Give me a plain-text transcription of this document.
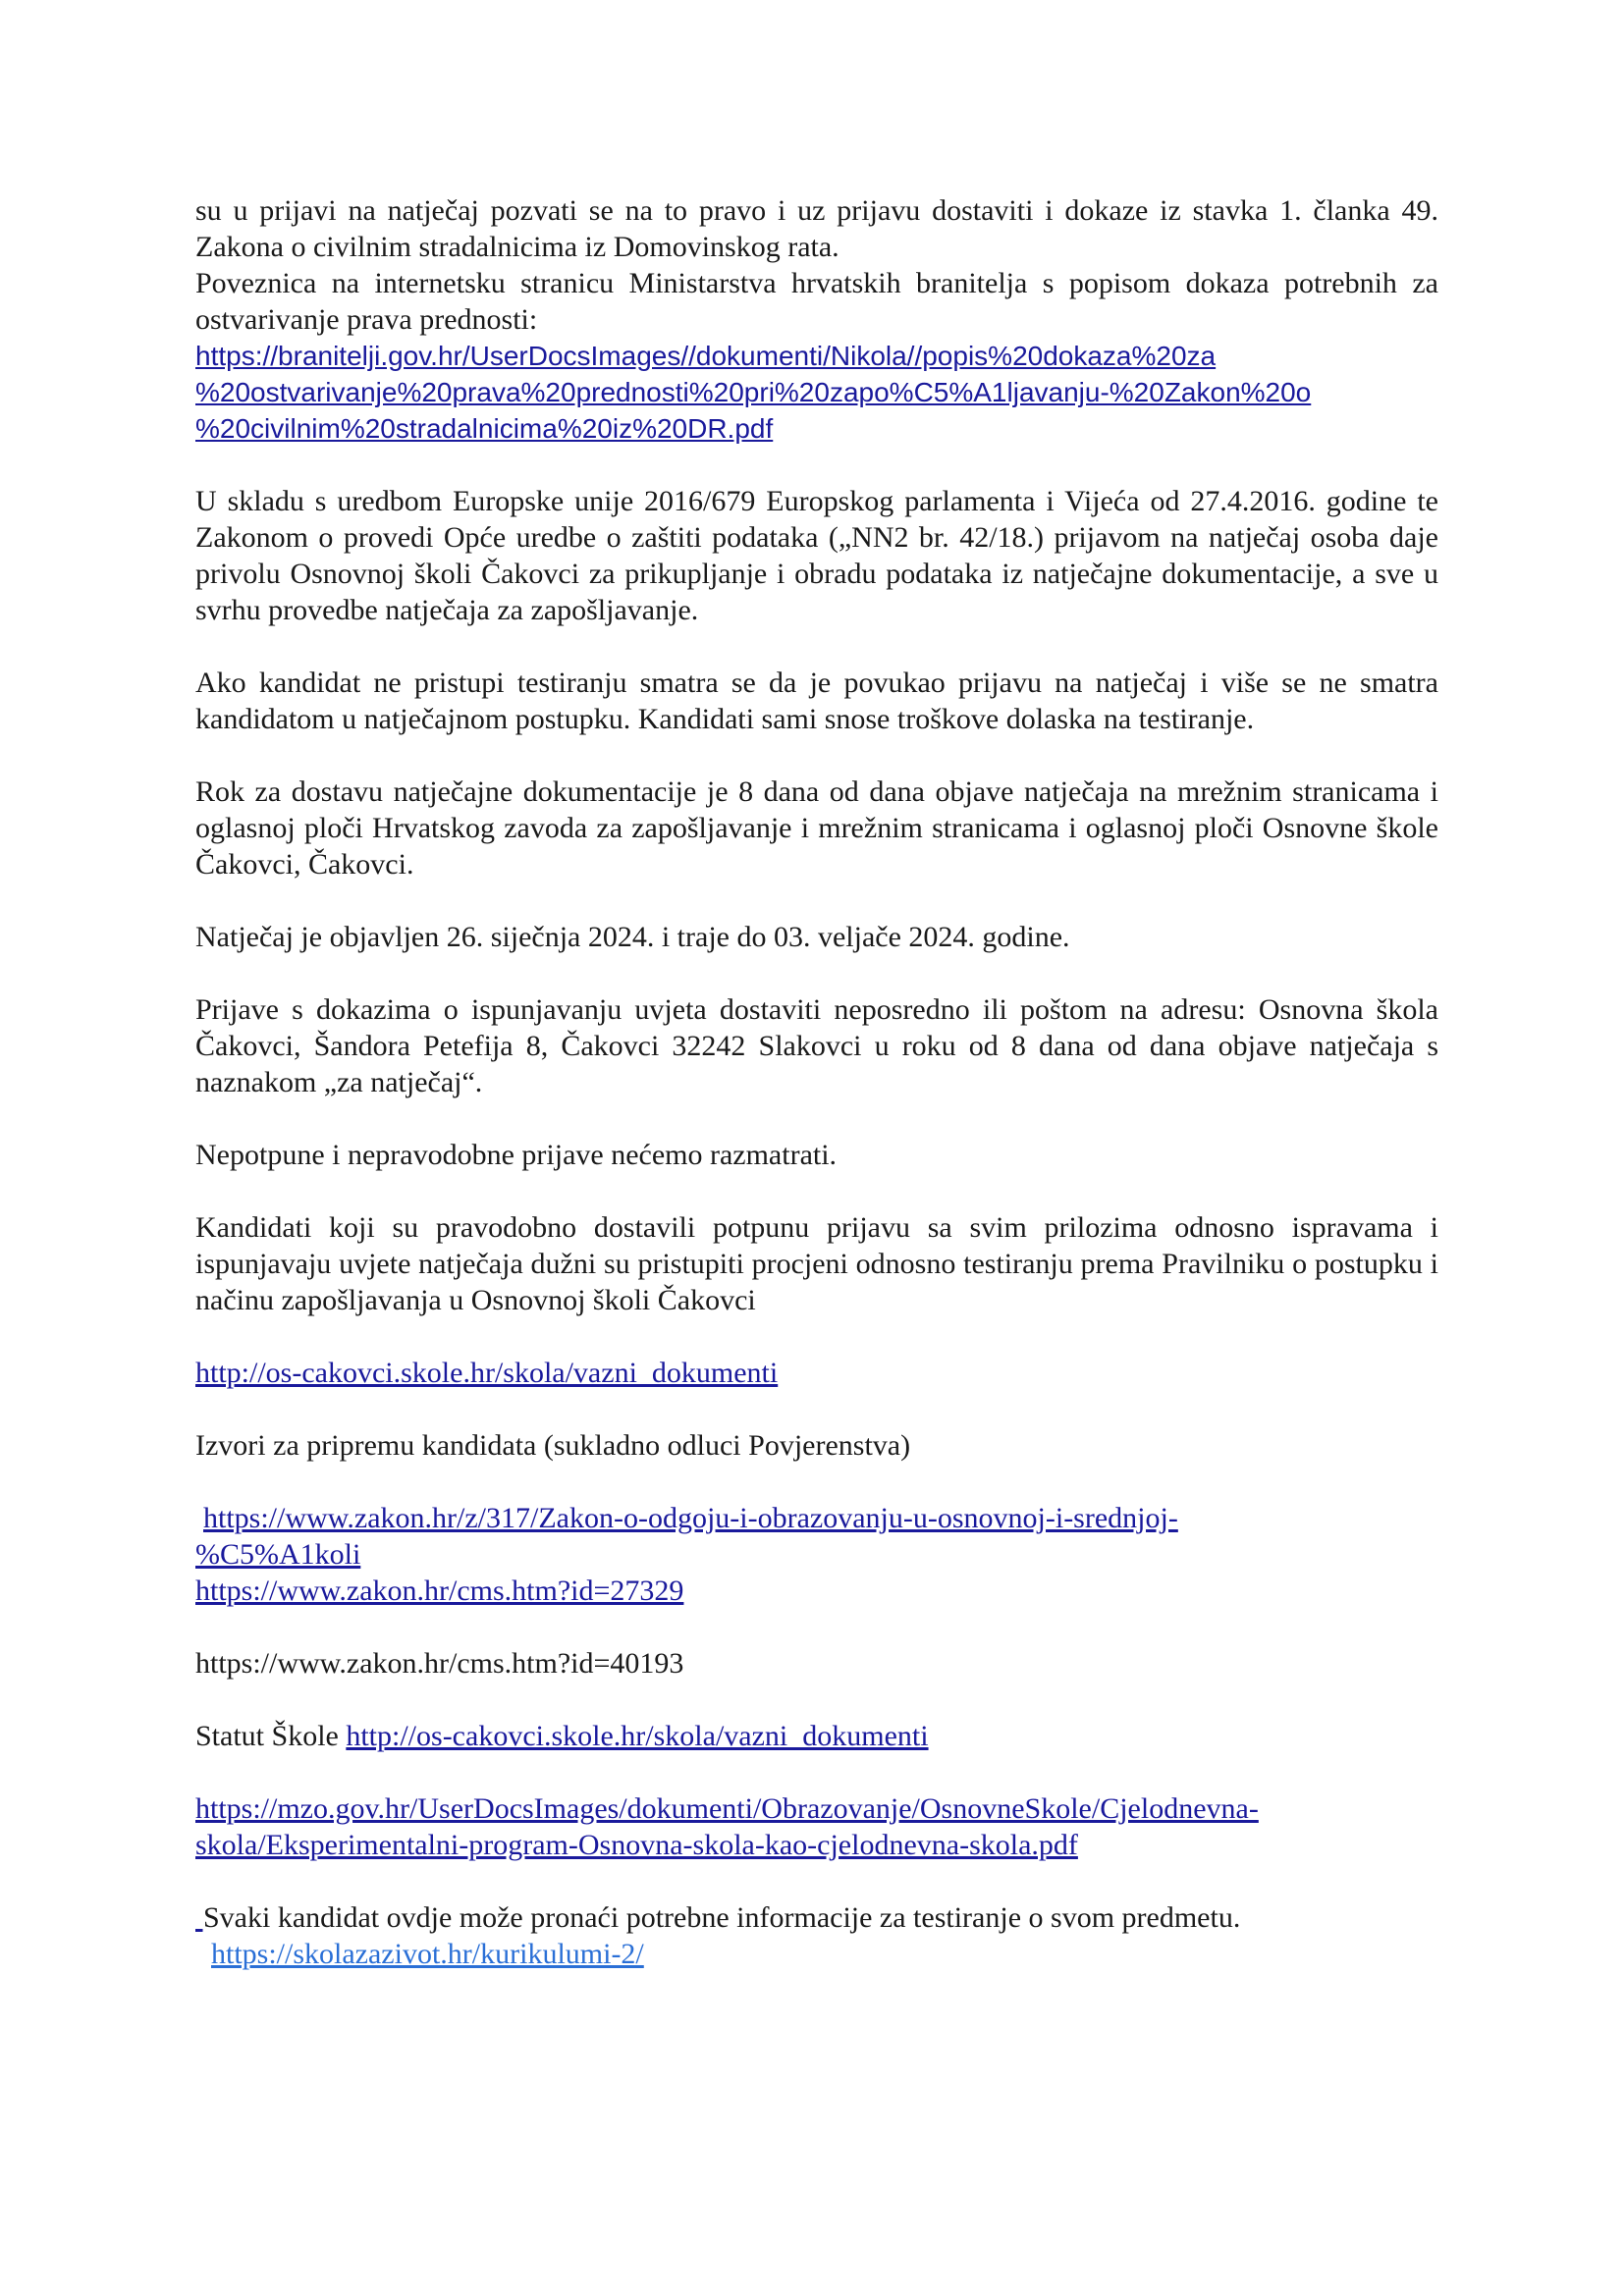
su u prijavi na natječaj pozvati se na to pravo i uz prijavu dostaviti i dokaze iz stavka 1. članka 49. Zakona o civilnim stradalnicima iz Domovinskog rata.

Poveznica na internetsku stranicu Ministarstva hrvatskih branitelja s popisom dokaza potrebnih za ostvarivanje prava prednosti:

https://branitelji.gov.hr/UserDocsImages//dokumenti/Nikola//popis%20dokaza%20za
%20ostvarivanje%20prava%20prednosti%20pri%20zapo%C5%A1ljavanju-%20Zakon%20o
%20civilnim%20stradalnicima%20iz%20DR.pdf

U skladu s uredbom Europske unije 2016/679 Europskog parlamenta i Vijeća od 27.4.2016. godine te Zakonom o provedi Opće uredbe o zaštiti podataka („NN2 br. 42/18.) prijavom na natječaj osoba daje privolu Osnovnoj školi Čakovci za prikupljanje i obradu podataka iz natječajne dokumentacije, a sve u svrhu provedbe natječaja za zapošljavanje.

Ako kandidat ne pristupi testiranju smatra se da je povukao prijavu na natječaj i više se ne smatra kandidatom u natječajnom postupku. Kandidati sami snose troškove dolaska na testiranje.

Rok za dostavu natječajne dokumentacije je 8 dana od dana objave natječaja na mrežnim stranicama i oglasnoj ploči Hrvatskog zavoda za zapošljavanje i mrežnim stranicama i oglasnoj ploči Osnovne škole Čakovci, Čakovci.

Natječaj je objavljen 26. siječnja 2024. i traje do 03. veljače 2024. godine.

Prijave s dokazima o ispunjavanju uvjeta dostaviti neposredno ili poštom na adresu: Osnovna škola Čakovci, Šandora Petefija 8, Čakovci 32242 Slakovci u roku od 8 dana od dana objave natječaja s naznakom „za natječaj“.

Nepotpune i nepravodobne prijave nećemo razmatrati.

Kandidati koji su pravodobno dostavili potpunu prijavu sa svim prilozima odnosno ispravama i ispunjavaju uvjete natječaja dužni su pristupiti procjeni odnosno testiranju prema Pravilniku o postupku i načinu zapošljavanja u Osnovnoj školi Čakovci

http://os-cakovci.skole.hr/skola/vazni_dokumenti

Izvori za pripremu kandidata (sukladno odluci Povjerenstva)

https://www.zakon.hr/z/317/Zakon-o-odgoju-i-obrazovanju-u-osnovnoj-i-srednjoj-

%C5%A1koli

https://www.zakon.hr/cms.htm?id=27329

https://www.zakon.hr/cms.htm?id=40193

Statut Škole http://os-cakovci.skole.hr/skola/vazni_dokumenti

https://mzo.gov.hr/UserDocsImages/dokumenti/Obrazovanje/OsnovneSkole/Cjelodnevna-

skola/Eksperimentalni-program-Osnovna-skola-kao-cjelodnevna-skola.pdf

Svaki kandidat ovdje može pronaći potrebne informacije za testiranje o svom predmetu.

https://skolazazivot.hr/kurikulumi-2/
